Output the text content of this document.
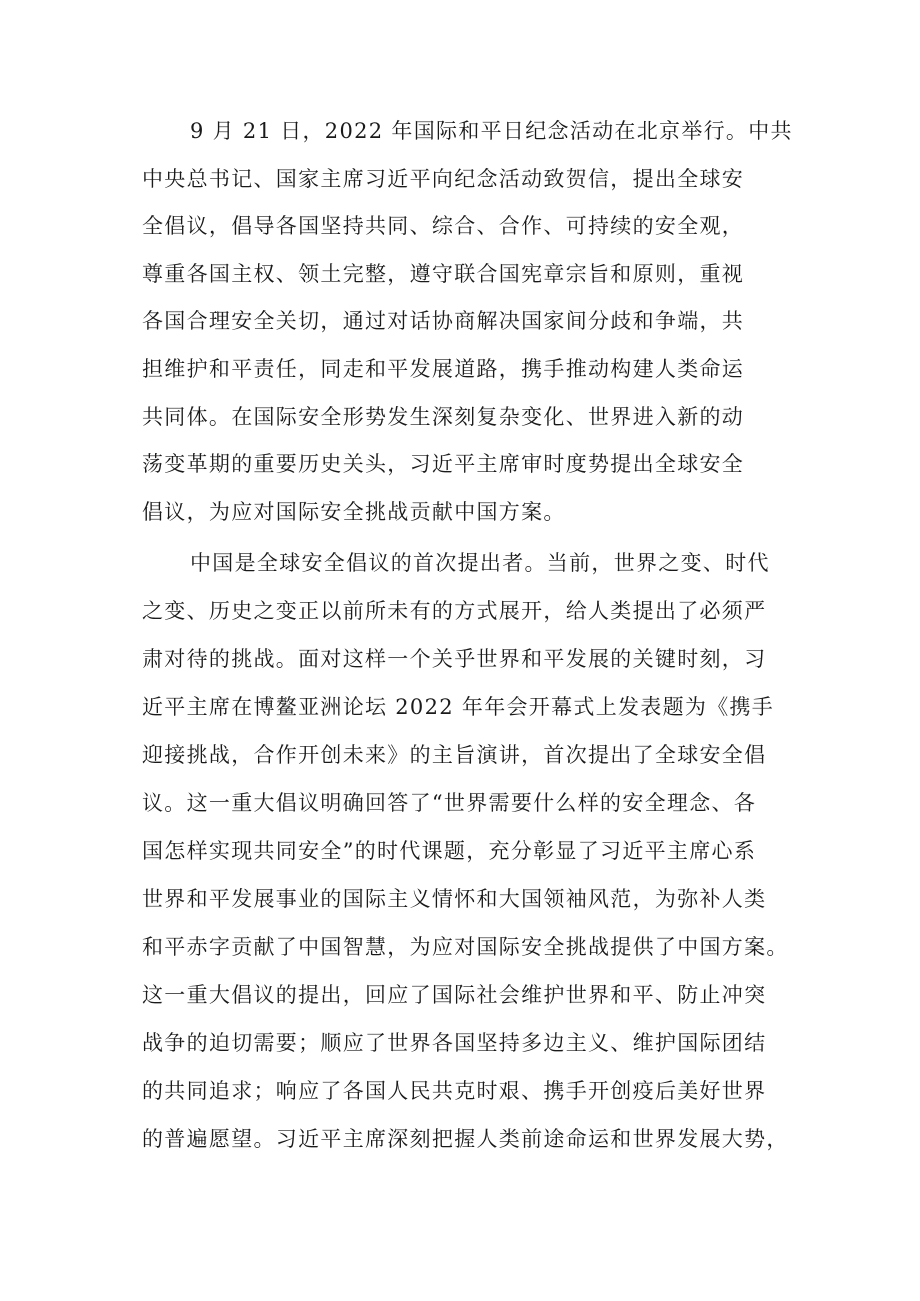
9 月 21 日，2022 年国际和平日纪念活动在北京举行。中共
中央总书记、国家主席习近平向纪念活动致贺信，提出全球安
全倡议，倡导各国坚持共同、综合、合作、可持续的安全观，
尊重各国主权、领土完整，遵守联合国宪章宗旨和原则，重视
各国合理安全关切，通过对话协商解决国家间分歧和争端，共
担维护和平责任，同走和平发展道路，携手推动构建人类命运
共同体。在国际安全形势发生深刻复杂变化、世界进入新的动
荡变革期的重要历史关头，习近平主席审时度势提出全球安全
倡议，为应对国际安全挑战贡献中国方案。
中国是全球安全倡议的首次提出者。当前，世界之变、时代
之变、历史之变正以前所未有的方式展开，给人类提出了必须严
肃对待的挑战。面对这样一个关乎世界和平发展的关键时刻，习
近平主席在博鳌亚洲论坛 2022 年年会开幕式上发表题为《携手
迎接挑战，合作开创未来》的主旨演讲，首次提出了全球安全倡
议。这一重大倡议明确回答了“世界需要什么样的安全理念、各
国怎样实现共同安全”的时代课题，充分彰显了习近平主席心系
世界和平发展事业的国际主义情怀和大国领袖风范，为弥补人类
和平赤字贡献了中国智慧，为应对国际安全挑战提供了中国方案。
这一重大倡议的提出，回应了国际社会维护世界和平、防止冲突
战争的迫切需要；顺应了世界各国坚持多边主义、维护国际团结
的共同追求；响应了各国人民共克时艰、携手开创疫后美好世界
的普遍愿望。习近平主席深刻把握人类前途命运和世界发展大势，
